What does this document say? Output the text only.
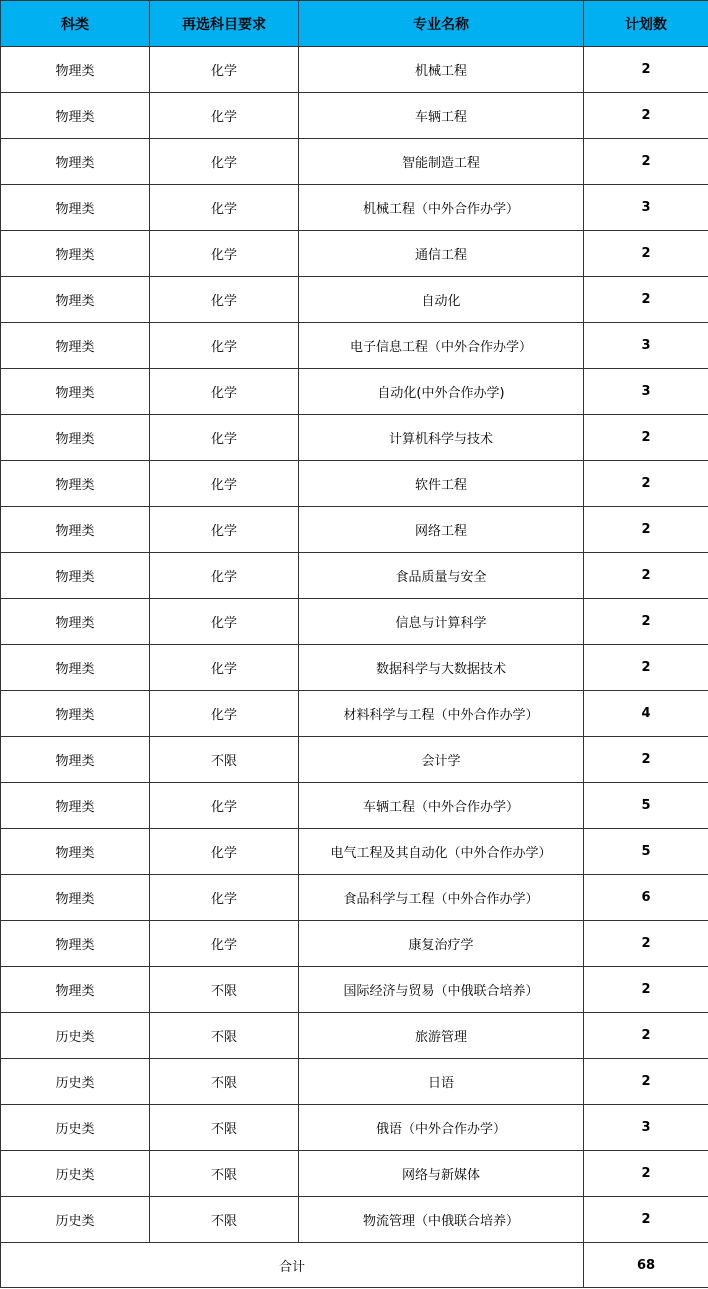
科类	再选科目要求	专业名称	计划数
物理类	化学	机械工程	2
物理类	化学	车辆工程	2
物理类	化学	智能制造工程	2
物理类	化学	机械工程（中外合作办学）	3
物理类	化学	通信工程	2
物理类	化学	自动化	2
物理类	化学	电子信息工程（中外合作办学）	3
物理类	化学	自动化(中外合作办学)	3
物理类	化学	计算机科学与技术	2
物理类	化学	软件工程	2
物理类	化学	网络工程	2
物理类	化学	食品质量与安全	2
物理类	化学	信息与计算科学	2
物理类	化学	数据科学与大数据技术	2
物理类	化学	材料科学与工程（中外合作办学）	4
物理类	不限	会计学	2
物理类	化学	车辆工程（中外合作办学）	5
物理类	化学	电气工程及其自动化（中外合作办学）	5
物理类	化学	食品科学与工程（中外合作办学）	6
物理类	化学	康复治疗学	2
物理类	不限	国际经济与贸易（中俄联合培养）	2
历史类	不限	旅游管理	2
历史类	不限	日语	2
历史类	不限	俄语（中外合作办学）	3
历史类	不限	网络与新媒体	2
历史类	不限	物流管理（中俄联合培养）	2
合计			68
